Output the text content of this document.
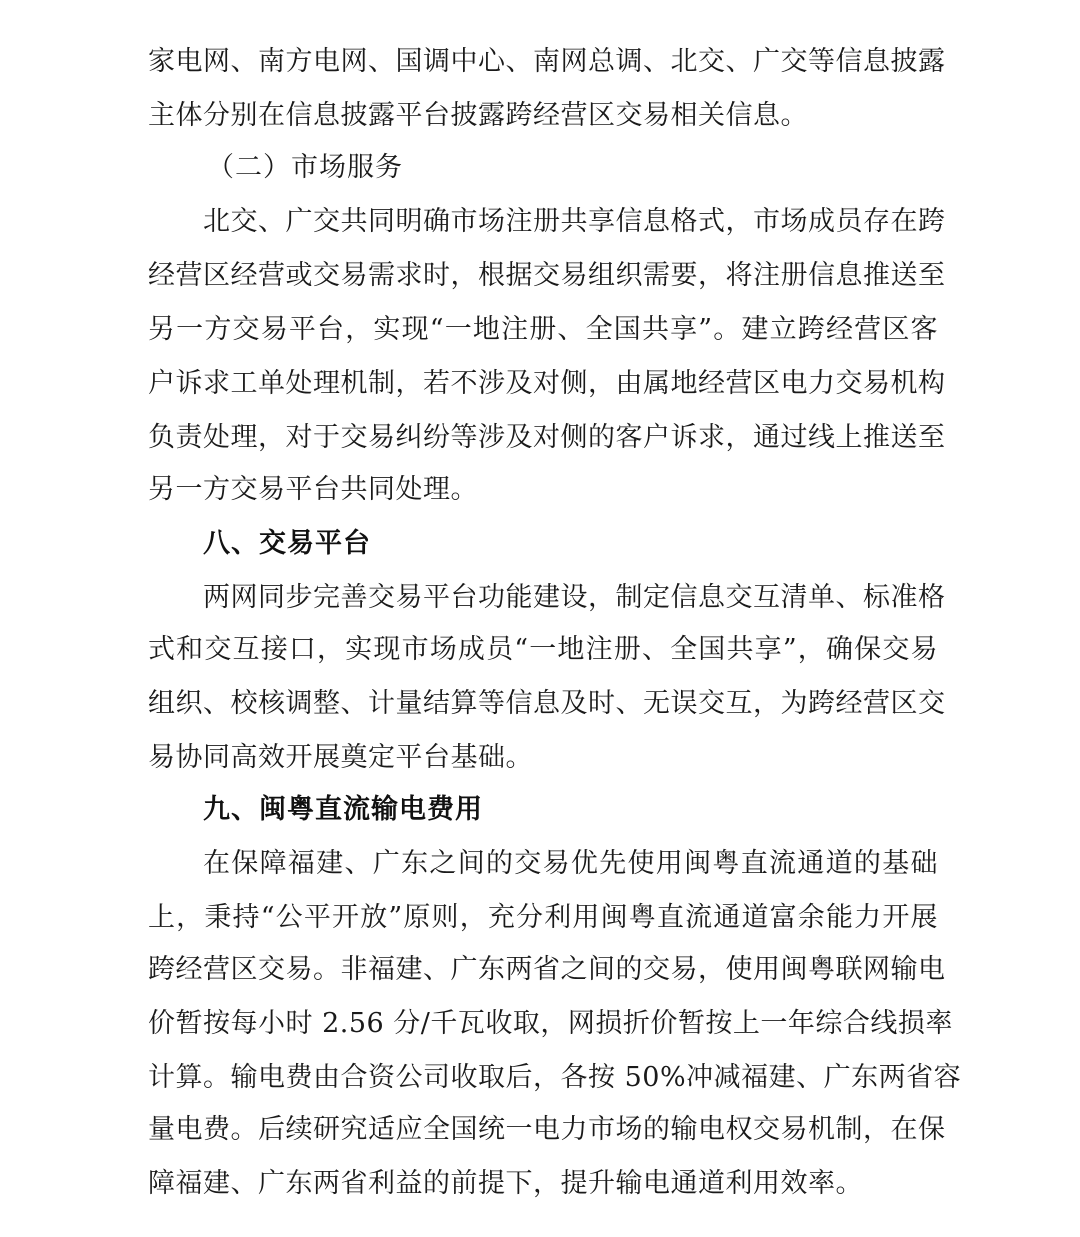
家电网、南方电网、国调中心、南网总调、北交、广交等信息披露
主体分别在信息披露平台披露跨经营区交易相关信息。
（二）市场服务
北交、广交共同明确市场注册共享信息格式，市场成员存在跨
经营区经营或交易需求时，根据交易组织需要，将注册信息推送至
另一方交易平台，实现“一地注册、全国共享”。建立跨经营区客
户诉求工单处理机制，若不涉及对侧，由属地经营区电力交易机构
负责处理，对于交易纠纷等涉及对侧的客户诉求，通过线上推送至
另一方交易平台共同处理。
八、交易平台
两网同步完善交易平台功能建设，制定信息交互清单、标准格
式和交互接口，实现市场成员“一地注册、全国共享”，确保交易
组织、校核调整、计量结算等信息及时、无误交互，为跨经营区交
易协同高效开展奠定平台基础。
九、闽粤直流输电费用
在保障福建、广东之间的交易优先使用闽粤直流通道的基础
上，秉持“公平开放”原则，充分利用闽粤直流通道富余能力开展
跨经营区交易。非福建、广东两省之间的交易，使用闽粤联网输电
价暂按每小时 2.56 分/千瓦收取，网损折价暂按上一年综合线损率
计算。输电费由合资公司收取后，各按 50%冲减福建、广东两省容
量电费。后续研究适应全国统一电力市场的输电权交易机制，在保
障福建、广东两省利益的前提下，提升输电通道利用效率。
